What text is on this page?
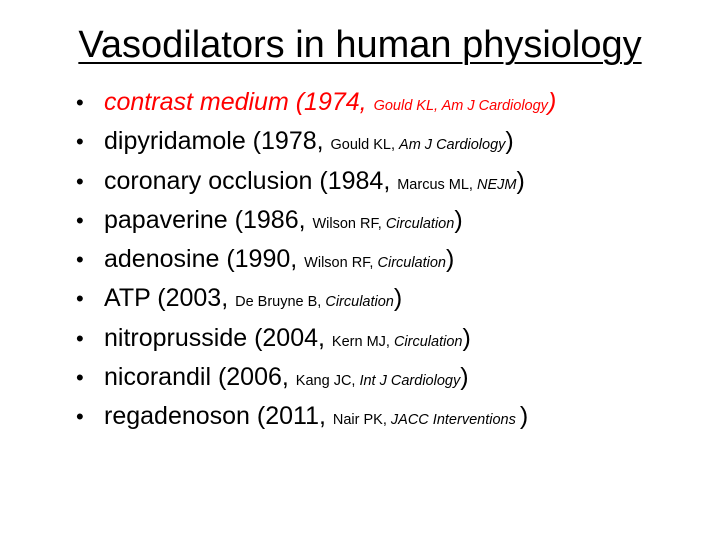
Vasodilators in human physiology
• contrast medium (1974, Gould KL, Am J Cardiology)
• dipyridamole (1978, Gould KL, Am J Cardiology)
• coronary occlusion (1984, Marcus ML, NEJM)
• papaverine (1986, Wilson RF, Circulation)
• adenosine (1990, Wilson RF, Circulation)
• ATP (2003, De Bruyne B, Circulation)
• nitroprusside (2004, Kern MJ, Circulation)
• nicorandil (2006, Kang JC, Int J Cardiology)
• regadenoson (2011, Nair PK, JACC Interventions )
